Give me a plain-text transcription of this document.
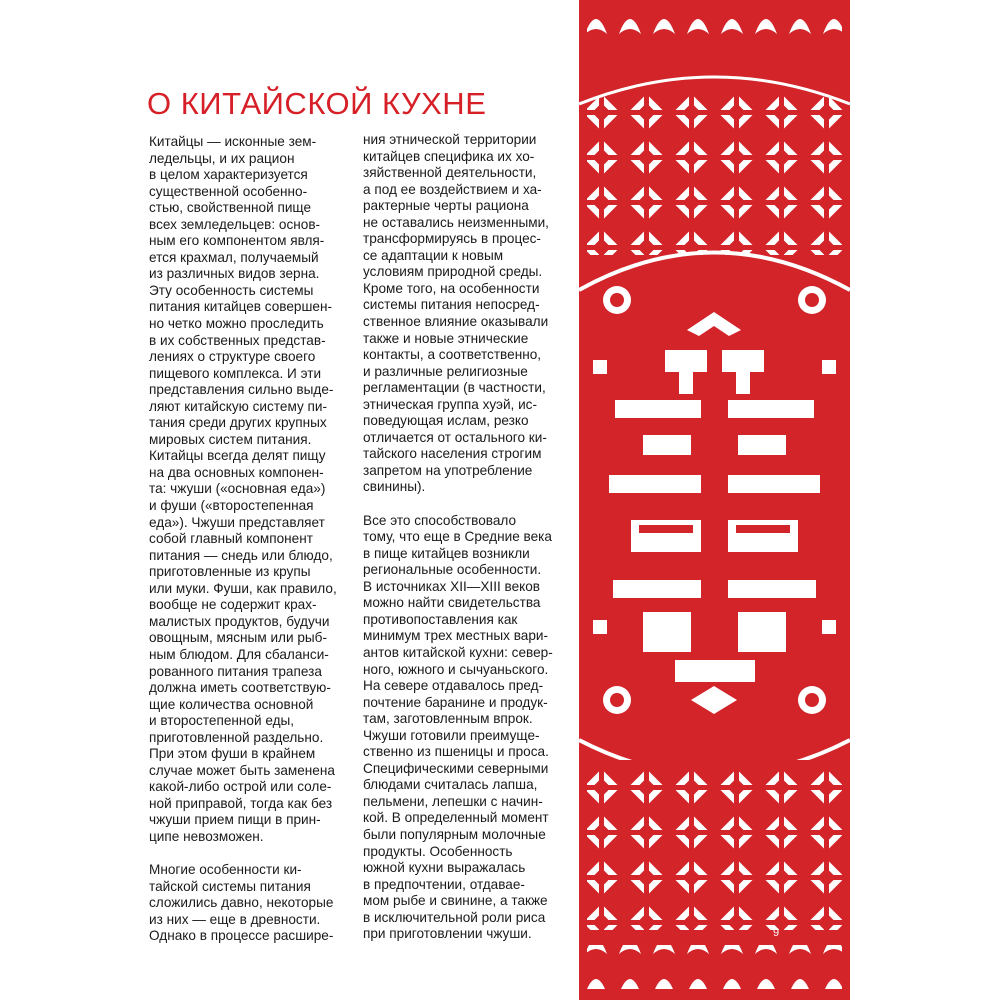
О КИТАЙСКОЙ КУХНЕ
Китайцы — исконные зем-
ледельцы, и их рацион
в целом характеризуется
существенной особенно-
стью, свойственной пище
всех земледельцев: основ-
ным его компонентом явля-
ется крахмал, получаемый
из различных видов зерна.
Эту особенность системы
питания китайцев совершен-
но четко можно проследить
в их собственных представ-
лениях о структуре своего
пищевого комплекса. И эти
представления сильно выде-
ляют китайскую систему пи-
тания среди других крупных
мировых систем питания.
Китайцы всегда делят пищу
на два основных компонен-
та: чжуши («основная еда»)
и фуши («второстепенная
еда»). Чжуши представляет
собой главный компонент
питания — снедь или блюдо,
приготовленные из крупы
или муки. Фуши, как правило,
вообще не содержит крах-
малистых продуктов, будучи
овощным, мясным или рыб-
ным блюдом. Для сбаланси-
рованного питания трапеза
должна иметь соответствую-
щие количества основной
и второстепенной еды,
приготовленной раздельно.
При этом фуши в крайнем
случае может быть заменена
какой-либо острой или соле-
ной приправой, тогда как без
чжуши прием пищи в прин-
ципе невозможен.
Многие особенности ки-
тайской системы питания
сложились давно, некоторые
из них — еще в древности.
Однако в процессе расшире-
ния этнической территории
китайцев специфика их хо-
зяйственной деятельности,
а под ее воздействием и ха-
рактерные черты рациона
не оставались неизменными,
трансформируясь в процес-
се адаптации к новым
условиям природной среды.
Кроме того, на особенности
системы питания непосред-
ственное влияние оказывали
также и новые этнические
контакты, а соответственно,
и различные религиозные
регламентации (в частности,
этническая группа хуэй, ис-
поведующая ислам, резко
отличается от остального ки-
тайского населения строгим
запретом на употребление
свинины).
Все это способствовало
тому, что еще в Средние века
в пище китайцев возникли
региональные особенности.
В источниках XII—XIII веков
можно найти свидетельства
противопоставления как
минимум трех местных вари-
антов китайской кухни: север-
ного, южного и сычуаньского.
На севере отдавалось пред-
почтение баранине и продук-
там, заготовленным впрок.
Чжуши готовили преимуще-
ственно из пшеницы и проса.
Специфическими северными
блюдами считалась лапша,
пельмени, лепешки с начин-
кой. В определенный момент
были популярным молочные
продукты. Особенность
южной кухни выражалась
в предпочтении, отдавае-
мом рыбе и свинине, а также
в исключительной роли риса
при приготовлении чжуши.	9
